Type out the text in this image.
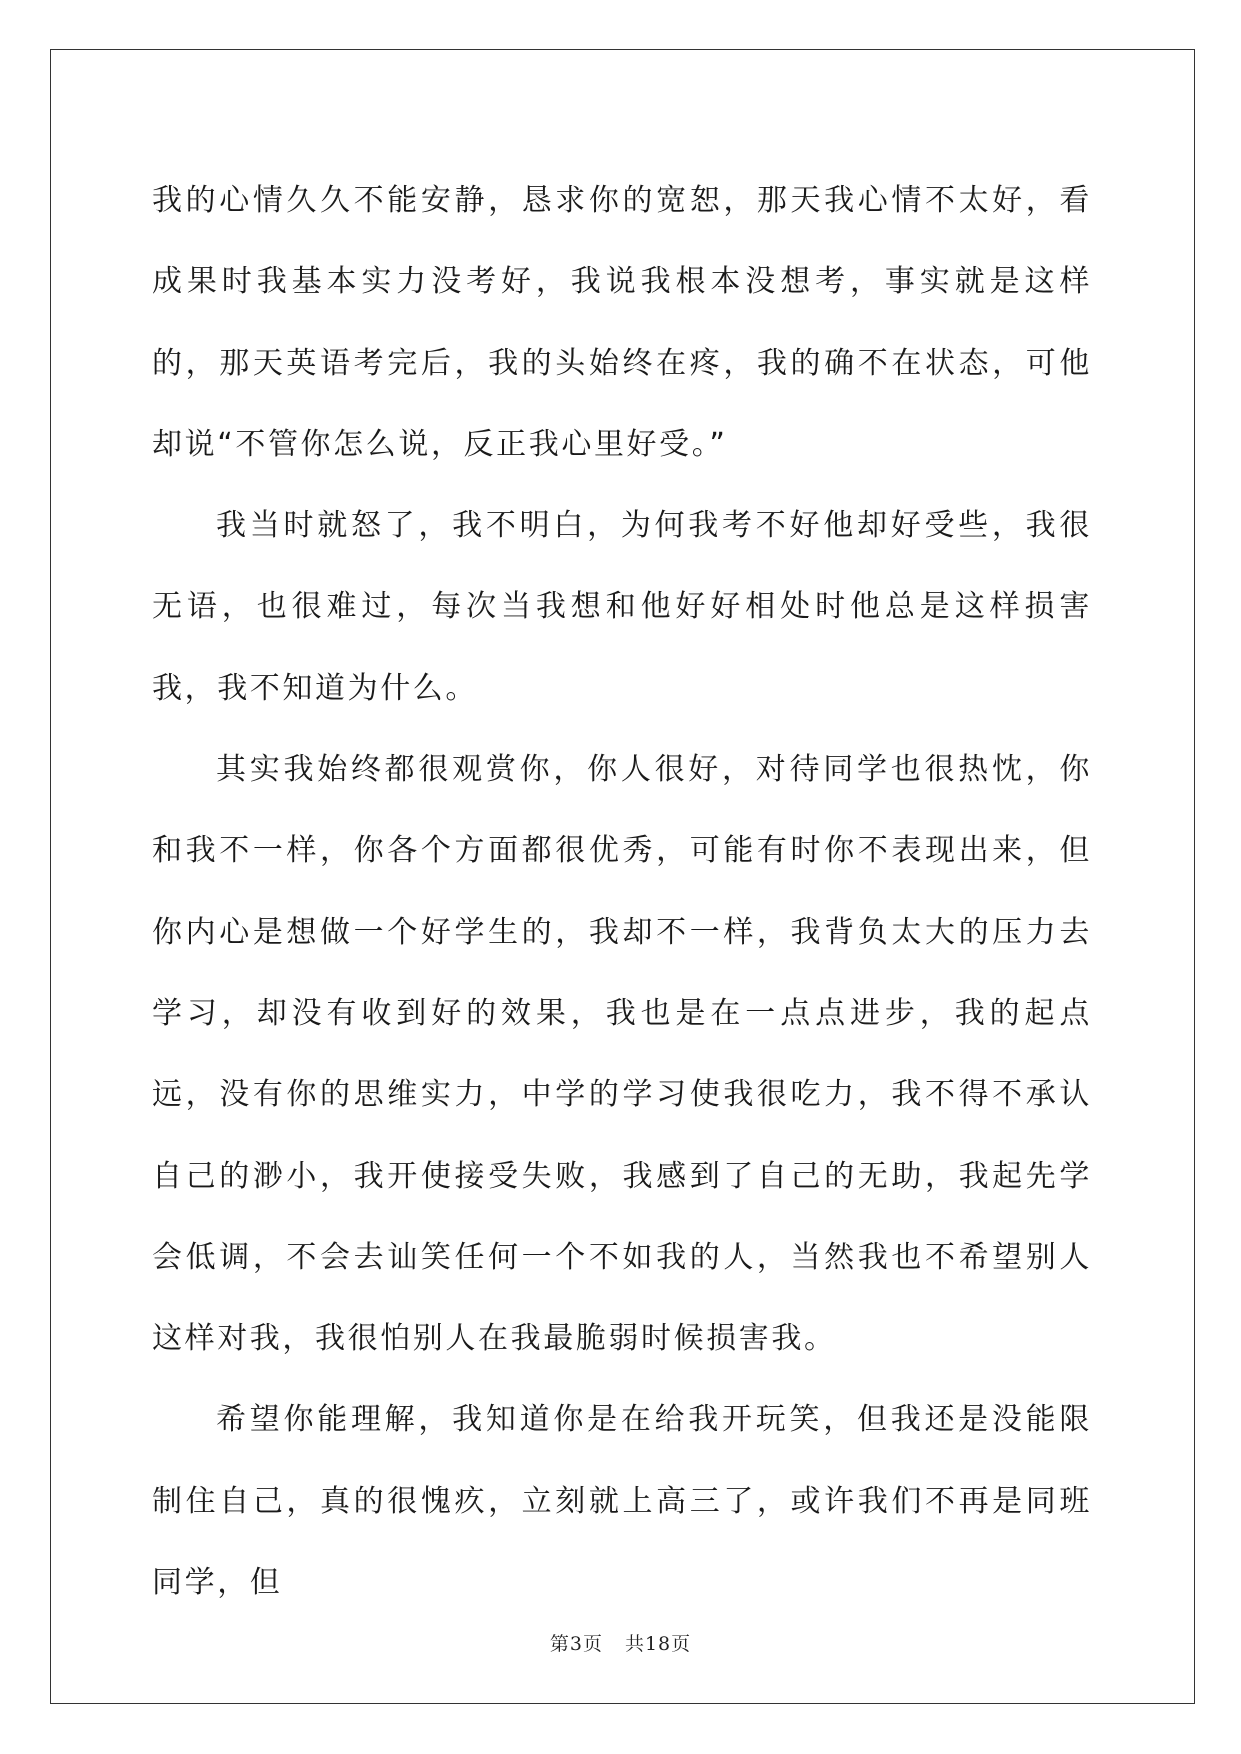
我的心情久久不能安静，恳求你的宽恕，那天我心情不太好，看成果时我基本实力没考好，我说我根本没想考，事实就是这样的，那天英语考完后，我的头始终在疼，我的确不在状态，可他却说“不管你怎么说，反正我心里好受。”

我当时就怒了，我不明白，为何我考不好他却好受些，我很无语，也很难过，每次当我想和他好好相处时他总是这样损害我，我不知道为什么。

其实我始终都很观赏你，你人很好，对待同学也很热忱，你和我不一样，你各个方面都很优秀，可能有时你不表现出来，但你内心是想做一个好学生的，我却不一样，我背负太大的压力去学习，却没有收到好的效果，我也是在一点点进步，我的起点远，没有你的思维实力，中学的学习使我很吃力，我不得不承认自己的渺小，我开使接受失败，我感到了自己的无助，我起先学会低调，不会去讪笑任何一个不如我的人，当然我也不希望别人这样对我，我很怕别人在我最脆弱时候损害我。

希望你能理解，我知道你是在给我开玩笑，但我还是没能限制住自己，真的很愧疚，立刻就上高三了，或许我们不再是同班同学，但

第3页 共18页
